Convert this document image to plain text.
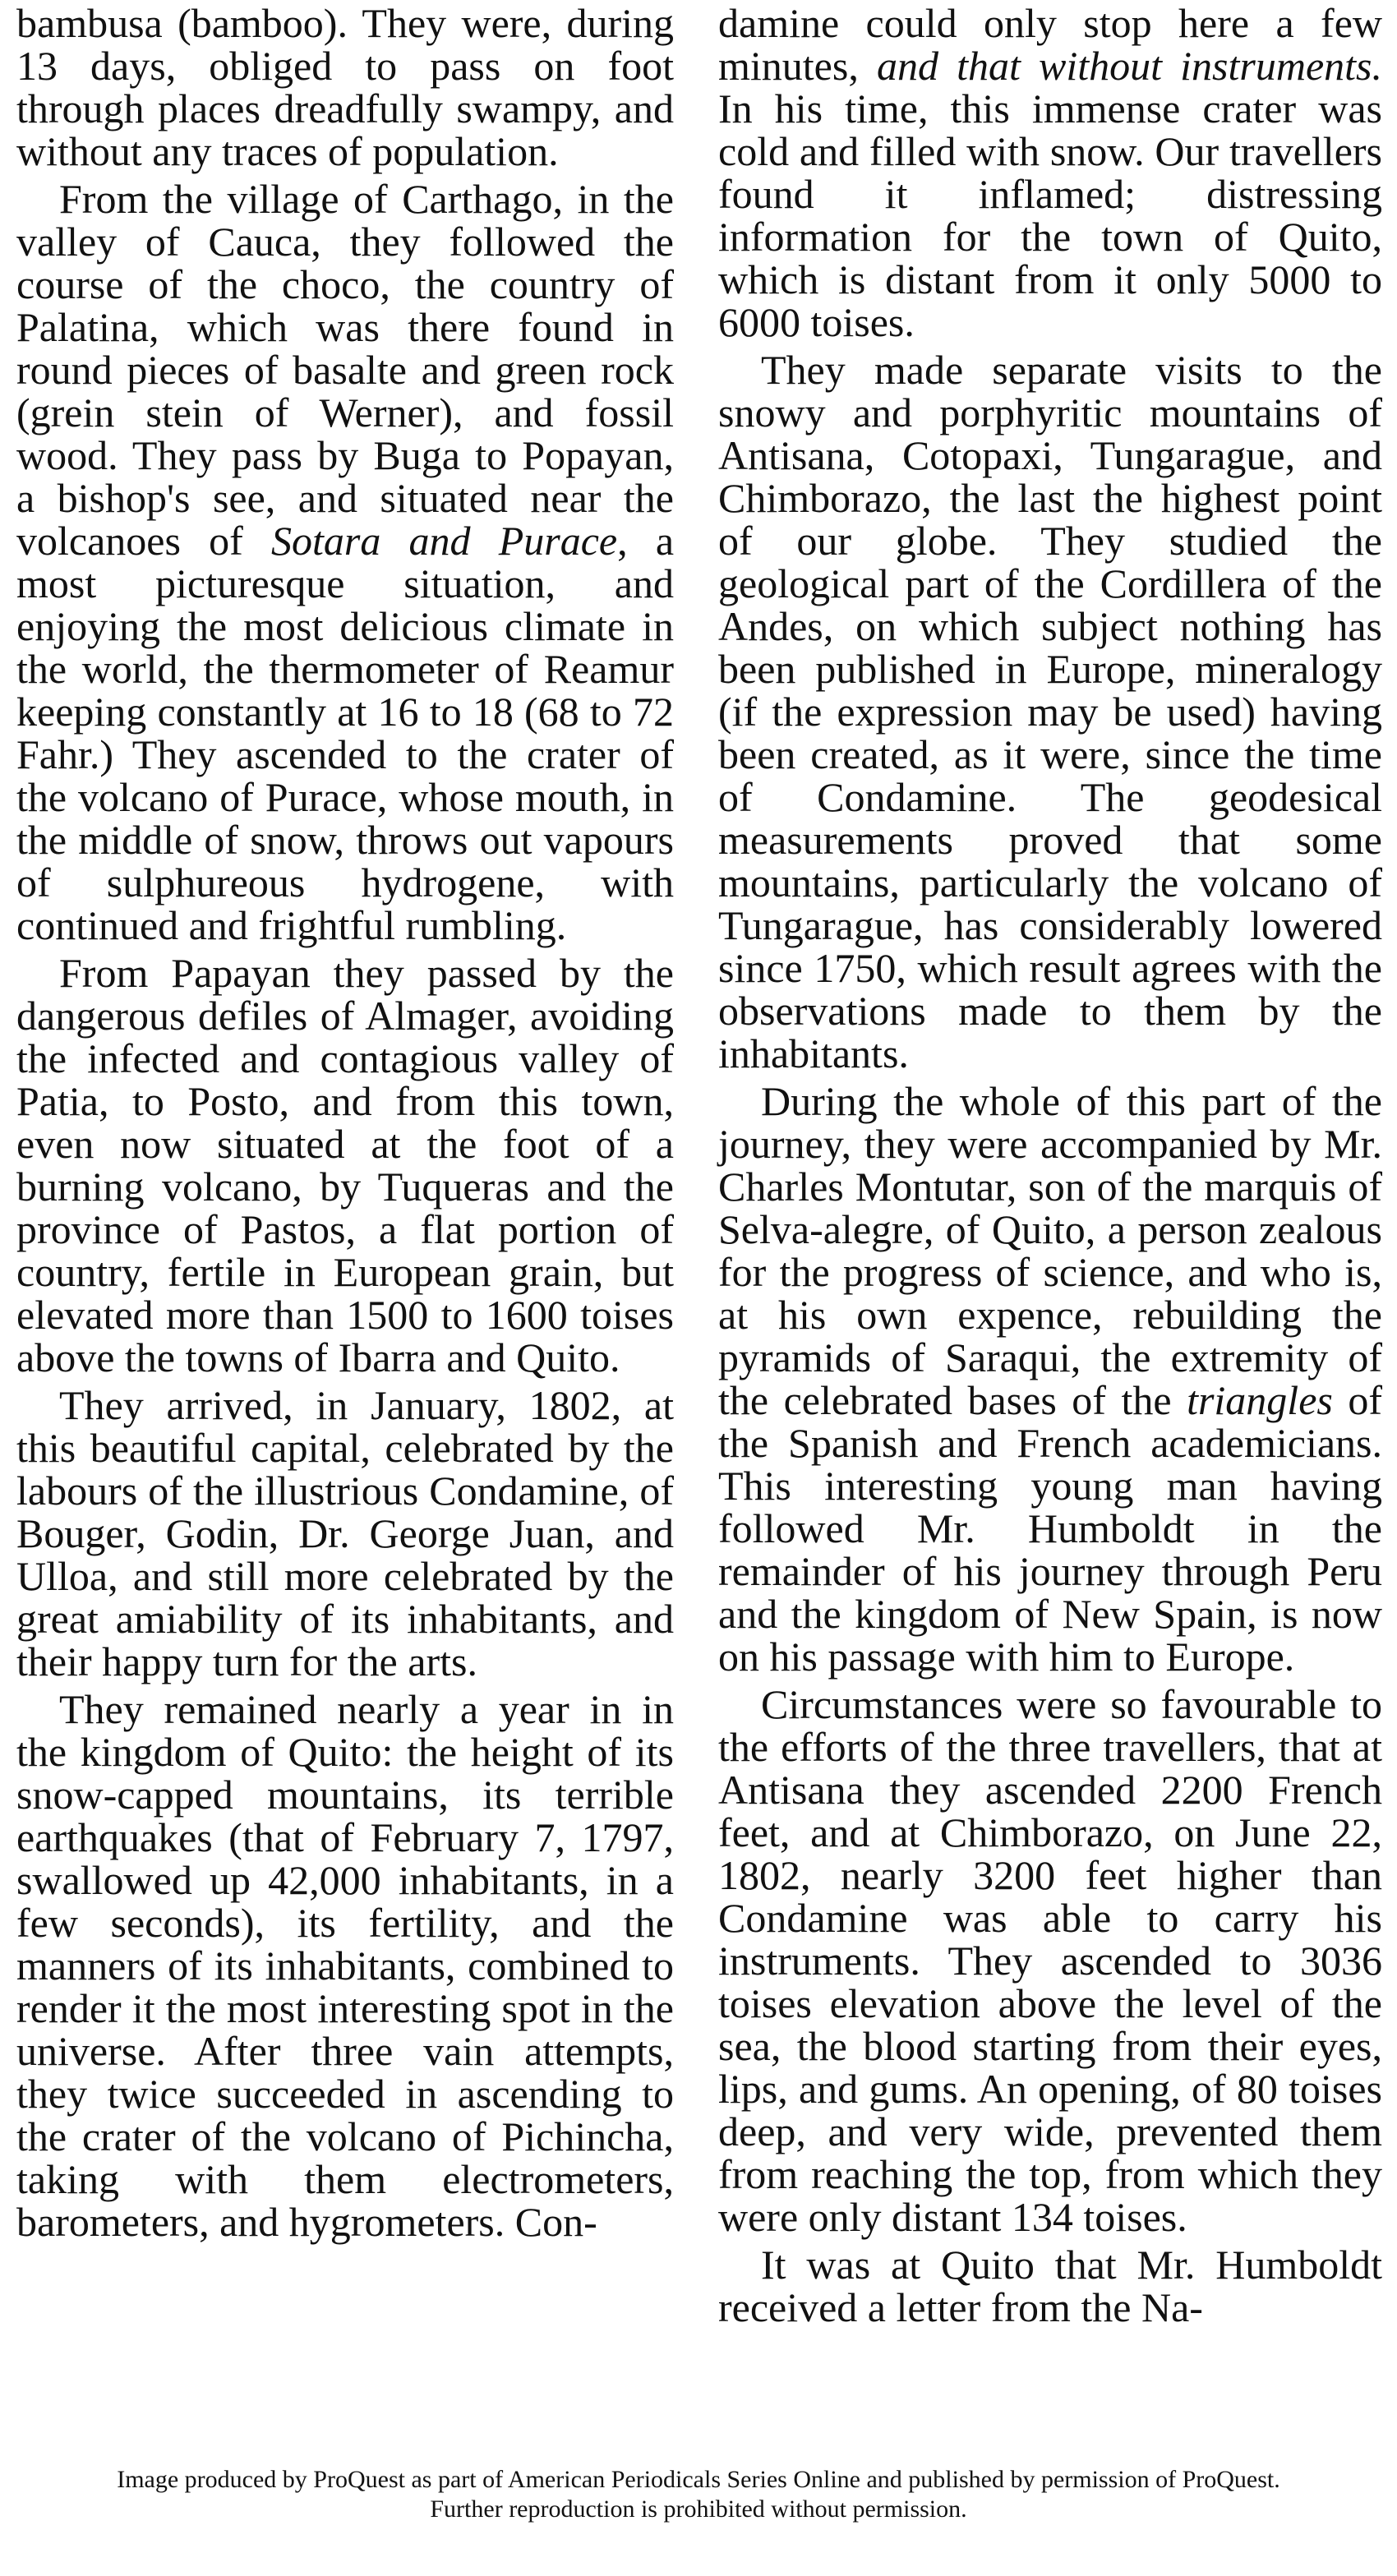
bambusa (bamboo). They were, during 13 days, obliged to pass on foot through places dreadfully swampy, and without any traces of population.

From the village of Carthago, in the valley of Cauca, they followed the course of the choco, the country of Palatina, which was there found in round pieces of basalte and green rock (grein stein of Werner), and fossil wood. They pass by Buga to Popayan, a bishop's see, and situated near the volcanoes of Sotara and Purace, a most picturesque situation, and enjoying the most delicious climate in the world, the thermometer of Reamur keeping constantly at 16 to 18 (68 to 72 Fahr.) They ascended to the crater of the volcano of Purace, whose mouth, in the middle of snow, throws out vapours of sulphureous hydrogene, with continued and frightful rumbling.

From Papayan they passed by the dangerous defiles of Almager, avoiding the infected and contagious valley of Patia, to Posto, and from this town, even now situated at the foot of a burning volcano, by Tuqueras and the province of Pastos, a flat portion of country, fertile in European grain, but elevated more than 1500 to 1600 toises above the towns of Ibarra and Quito.

They arrived, in January, 1802, at this beautiful capital, celebrated by the labours of the illustrious Condamine, of Bouger, Godin, Dr. George Juan, and Ulloa, and still more celebrated by the great amiability of its inhabitants, and their happy turn for the arts.

They remained nearly a year in in the kingdom of Quito: the height of its snow-capped mountains, its terrible earthquakes (that of February 7, 1797, swallowed up 42,000 inhabitants, in a few seconds), its fertility, and the manners of its inhabitants, combined to render it the most interesting spot in the universe. After three vain attempts, they twice succeeded in ascending to the crater of the volcano of Pichincha, taking with them electrometers, barometers, and hygrometers. Con-

damine could only stop here a few minutes, and that without instruments. In his time, this immense crater was cold and filled with snow. Our travellers found it inflamed; distressing information for the town of Quito, which is distant from it only 5000 to 6000 toises.

They made separate visits to the snowy and porphyritic mountains of Antisana, Cotopaxi, Tungarague, and Chimborazo, the last the highest point of our globe. They studied the geological part of the Cordillera of the Andes, on which subject nothing has been published in Europe, mineralogy (if the expression may be used) having been created, as it were, since the time of Condamine. The geodesical measurements proved that some mountains, particularly the volcano of Tungarague, has considerably lowered since 1750, which result agrees with the observations made to them by the inhabitants.

During the whole of this part of the journey, they were accompanied by Mr. Charles Montutar, son of the marquis of Selva-alegre, of Quito, a person zealous for the progress of science, and who is, at his own expence, rebuilding the pyramids of Saraqui, the extremity of the celebrated bases of the triangles of the Spanish and French academicians. This interesting young man having followed Mr. Humboldt in the remainder of his journey through Peru and the kingdom of New Spain, is now on his passage with him to Europe.

Circumstances were so favourable to the efforts of the three travellers, that at Antisana they ascended 2200 French feet, and at Chimborazo, on June 22, 1802, nearly 3200 feet higher than Condamine was able to carry his instruments. They ascended to 3036 toises elevation above the level of the sea, the blood starting from their eyes, lips, and gums. An opening, of 80 toises deep, and very wide, prevented them from reaching the top, from which they were only distant 134 toises.

It was at Quito that Mr. Humboldt received a letter from the Na-

Image produced by ProQuest as part of American Periodicals Series Online and published by permission of ProQuest.
Further reproduction is prohibited without permission.
